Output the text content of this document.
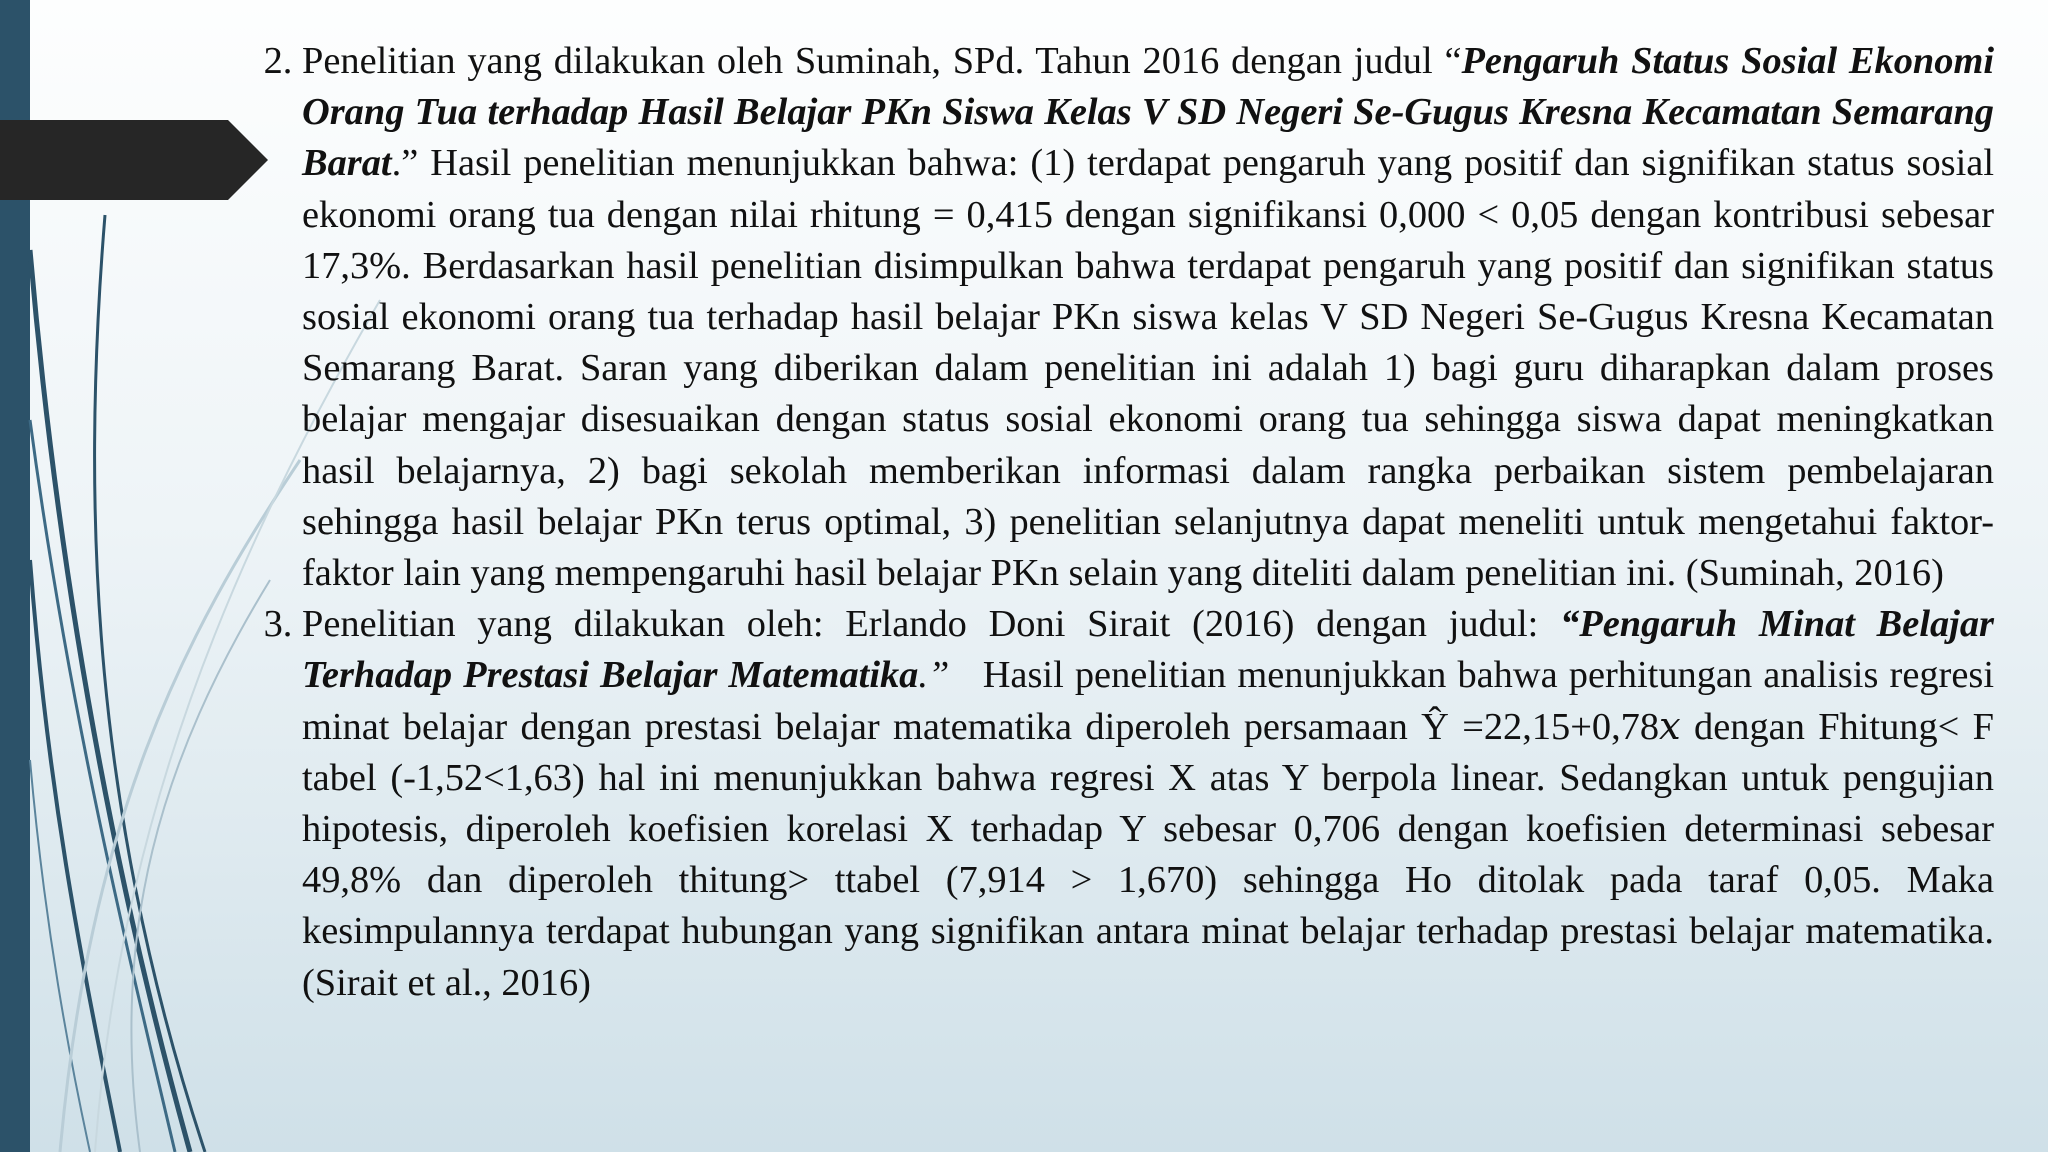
2. Penelitian yang dilakukan oleh Suminah, SPd. Tahun 2016 dengan judul “Pengaruh Status Sosial Ekonomi Orang Tua terhadap Hasil Belajar PKn Siswa Kelas V SD Negeri Se-Gugus Kresna Kecamatan Semarang Barat.” Hasil penelitian menunjukkan bahwa: (1) terdapat pengaruh yang positif dan signifikan status sosial ekonomi orang tua dengan nilai rhitung = 0,415 dengan signifikansi 0,000 < 0,05 dengan kontribusi sebesar 17,3%. Berdasarkan hasil penelitian disimpulkan bahwa terdapat pengaruh yang positif dan signifikan status sosial ekonomi orang tua terhadap hasil belajar PKn siswa kelas V SD Negeri Se-Gugus Kresna Kecamatan Semarang Barat. Saran yang diberikan dalam penelitian ini adalah 1) bagi guru diharapkan dalam proses belajar mengajar disesuaikan dengan status sosial ekonomi orang tua sehingga siswa dapat meningkatkan hasil belajarnya, 2) bagi sekolah memberikan informasi dalam rangka perbaikan sistem pembelajaran sehingga hasil belajar PKn terus optimal, 3) penelitian selanjutnya dapat meneliti untuk mengetahui faktor-faktor lain yang mempengaruhi hasil belajar PKn selain yang diteliti dalam penelitian ini. (Suminah, 2016)
3. Penelitian yang dilakukan oleh: Erlando Doni Sirait (2016) dengan judul: “Pengaruh Minat Belajar Terhadap Prestasi Belajar Matematika.”   Hasil penelitian menunjukkan bahwa perhitungan analisis regresi minat belajar dengan prestasi belajar matematika diperoleh persamaan Ŷ =22,15+0,78𝑥 dengan Fhitung< F tabel (-1,52<1,63) hal ini menunjukkan bahwa regresi X atas Y berpola linear. Sedangkan untuk pengujian hipotesis, diperoleh koefisien korelasi X terhadap Y sebesar 0,706 dengan koefisien determinasi sebesar 49,8% dan diperoleh thitung> ttabel (7,914 > 1,670) sehingga Ho ditolak pada taraf 0,05. Maka kesimpulannya terdapat hubungan yang signifikan antara minat belajar terhadap prestasi belajar matematika. (Sirait et al., 2016)
